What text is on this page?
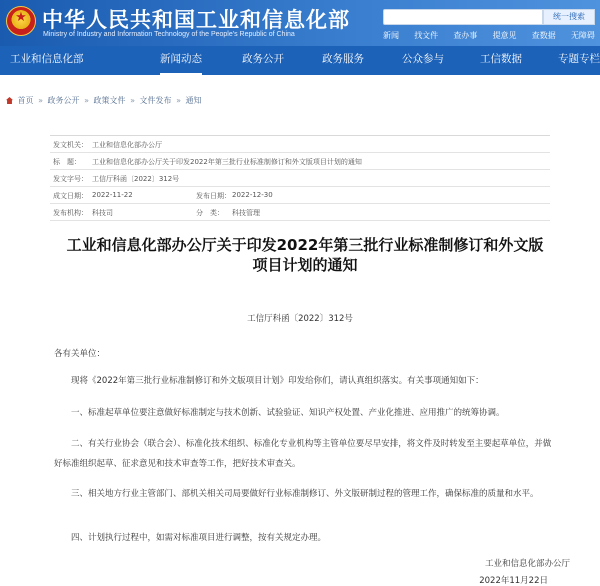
★
中华人民共和国工业和信息化部
Ministry of Industry and Information Technology of the People's Republic of China
统一搜索
新闻 找文件 查办事 提意见 查数据 无障碍
工业和信息化部	新闻动态	政务公开	政务服务	公众参与	工信数据	专题专栏
首页 » 政务公开 » 政策文件 » 文件发布 » 通知
发文机关： 工业和信息化部办公厅
标　题： 工业和信息化部办公厅关于印发2022年第三批行业标准制修订和外文版项目计划的通知
发文字号： 工信厅科函〔2022〕312号
成文日期： 2022-11-22	发布日期： 2022-12-30
发布机构： 科技司	分　类： 科技管理
工业和信息化部办公厅关于印发2022年第三批行业标准制修订和外文版项目计划的通知
工信厅科函〔2022〕312号
各有关单位：
现将《2022年第三批行业标准制修订和外文版项目计划》印发给你们，请认真组织落实。有关事项通知如下：
一、标准起草单位要注意做好标准制定与技术创新、试验验证、知识产权处置、产业化推进、应用推广的统筹协调。
二、有关行业协会（联合会）、标准化技术组织、标准化专业机构等主管单位要尽早安排，将文件及时转发至主要起草单位，并做好标准组织起草、征求意见和技术审查等工作，把好技术审查关。
三、相关地方行业主管部门、部机关相关司局要做好行业标准制修订、外文版研制过程的管理工作，确保标准的质量和水平。
四、计划执行过程中，如需对标准项目进行调整，按有关规定办理。
工业和信息化部办公厅
2022年11月22日
